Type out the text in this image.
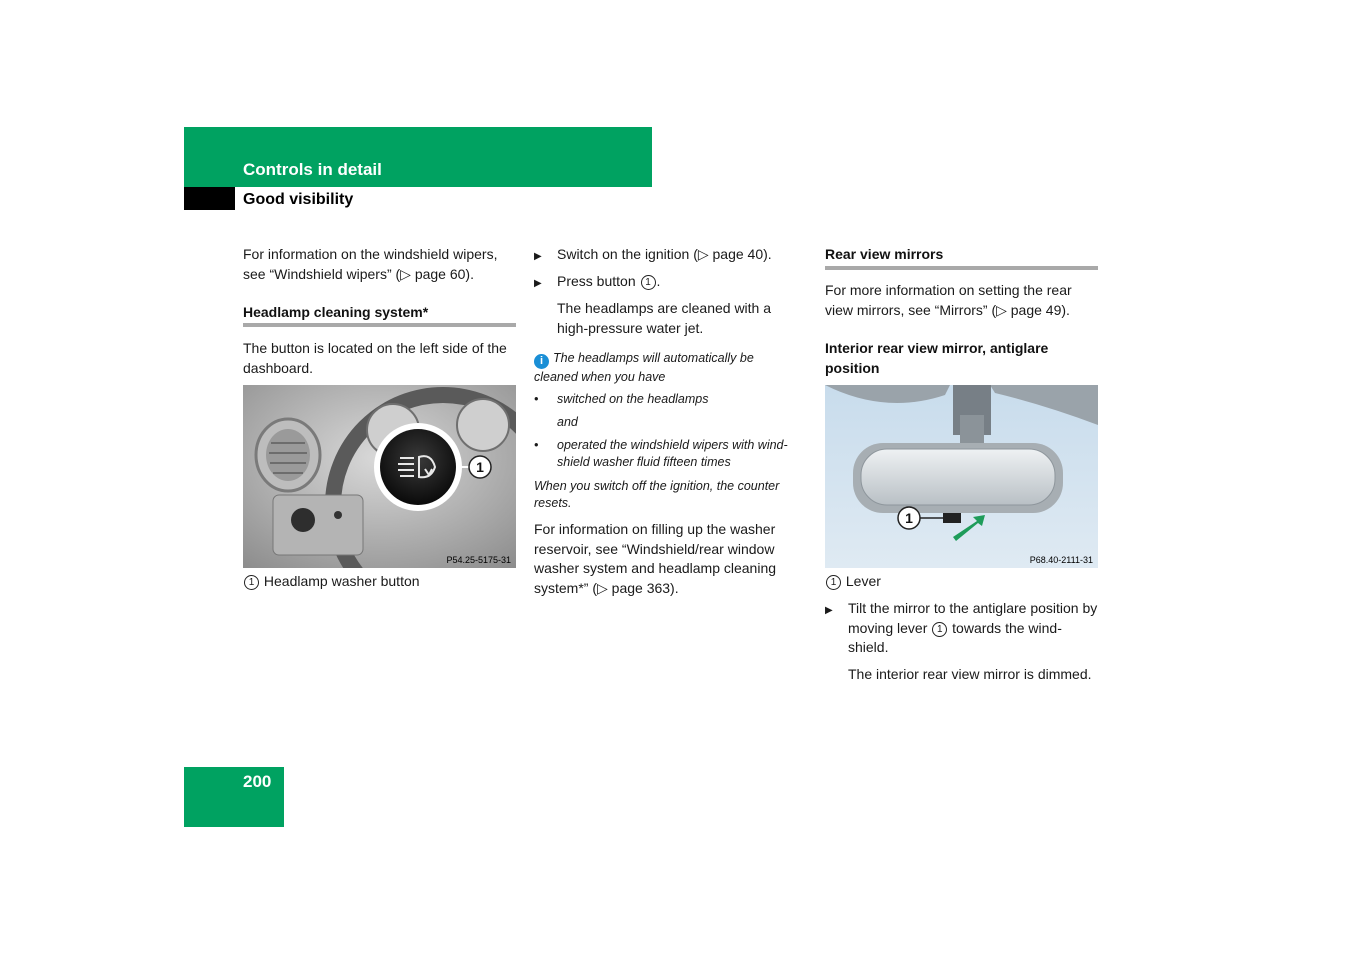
Controls in detail
Good visibility
For information on the windshield wipers, see “Windshield wipers” (▷ page 60).
Headlamp cleaning system*
The button is located on the left side of the dashboard.
1
P54.25-5175-31
1 Headlamp washer button
▶ Switch on the ignition (▷ page 40).
▶ Press button 1 .
The headlamps are cleaned with a high-pressure water jet.
i The headlamps will automatically be cleaned when you have
• switched on the headlamps
and
• operated the windshield wipers with wind-shield washer fluid fifteen times
When you switch off the ignition, the counter resets.
For information on filling up the washer reservoir, see “Windshield/rear window washer system and headlamp cleaning system*” (▷ page 363).
Rear view mirrors
For more information on setting the rear view mirrors, see “Mirrors” (▷ page 49).
Interior rear view mirror, antiglare position
1
P68.40-2111-31
1 Lever
▶ Tilt the mirror to the antiglare position by moving lever 1 towards the wind-shield.
The interior rear view mirror is dimmed.
200
